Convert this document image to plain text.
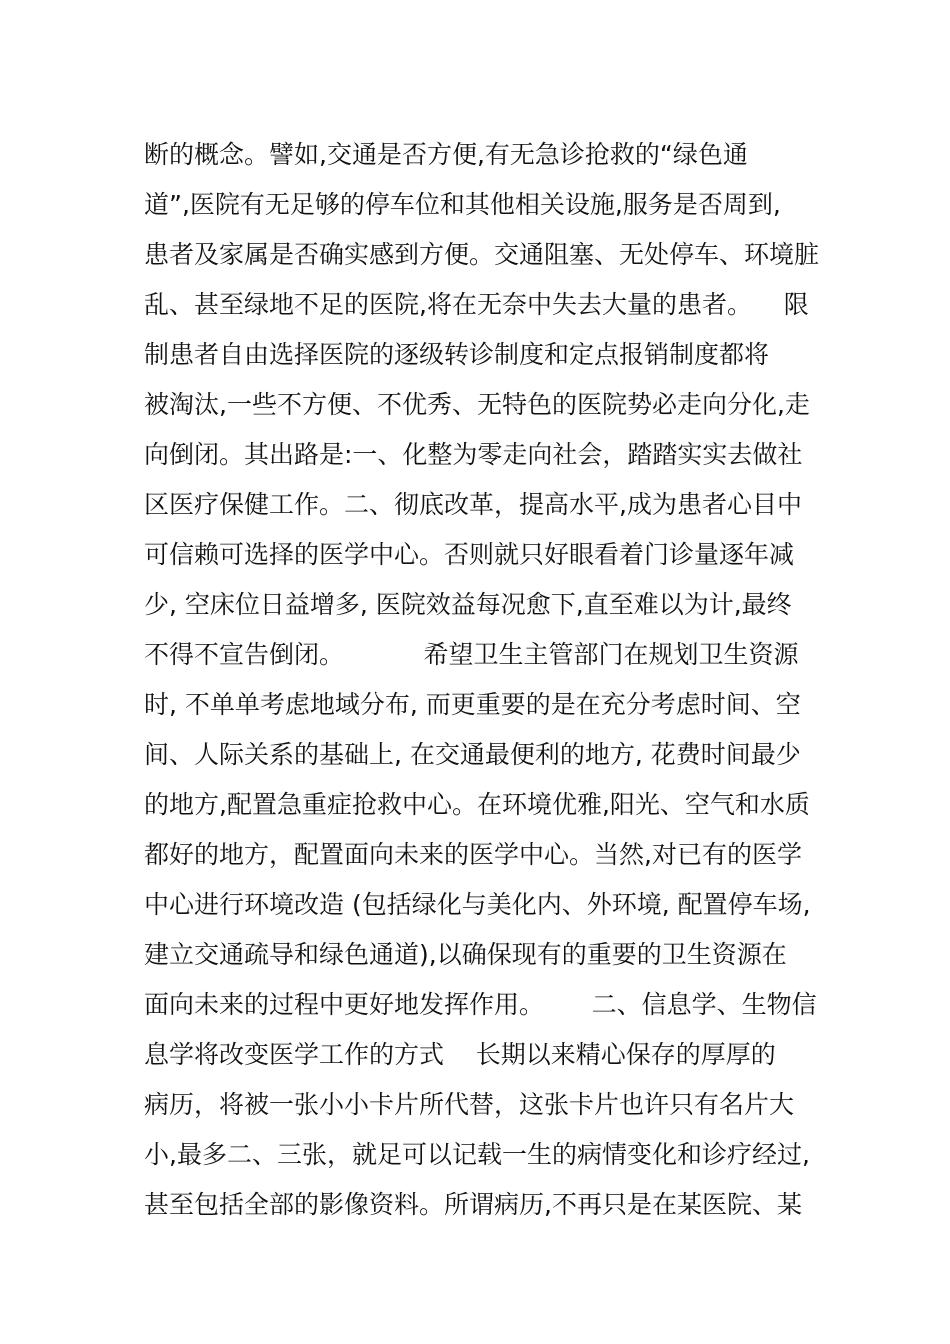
断的概念。譬如,交通是否方便,有无急诊抢救的“绿色通
道”,医院有无足够的停车位和其他相关设施,服务是否周到,
患者及家属是否确实感到方便。交通阻塞、无处停车、环境脏
乱、甚至绿地不足的医院,将在无奈中失去大量的患者。    限
制患者自由选择医院的逐级转诊制度和定点报销制度都将
被淘汰,一些不方便、不优秀、无特色的医院势必走向分化,走
向倒闭。其出路是:一、化整为零走向社会，踏踏实实去做社
区医疗保健工作。二、彻底改革，提高水平,成为患者心目中
可信赖可选择的医学中心。否则就只好眼看着门诊量逐年减
少, 空床位日益增多, 医院效益每况愈下,直至难以为计,最终
不得不宣告倒闭。          希望卫生主管部门在规划卫生资源
时, 不单单考虑地域分布, 而更重要的是在充分考虑时间、空
间、人际关系的基础上, 在交通最便利的地方, 花费时间最少
的地方,配置急重症抢救中心。在环境优雅,阳光、空气和水质
都好的地方，配置面向未来的医学中心。当然,对已有的医学
中心进行环境改造 (包括绿化与美化内、外环境, 配置停车场,
建立交通疏导和绿色通道),以确保现有的重要的卫生资源在
面向未来的过程中更好地发挥作用。      二、信息学、生物信
息学将改变医学工作的方式    长期以来精心保存的厚厚的
病历，将被一张小小卡片所代替，这张卡片也许只有名片大
小,最多二、三张，就足可以记载一生的病情变化和诊疗经过,
甚至包括全部的影像资料。所谓病历,不再只是在某医院、某
